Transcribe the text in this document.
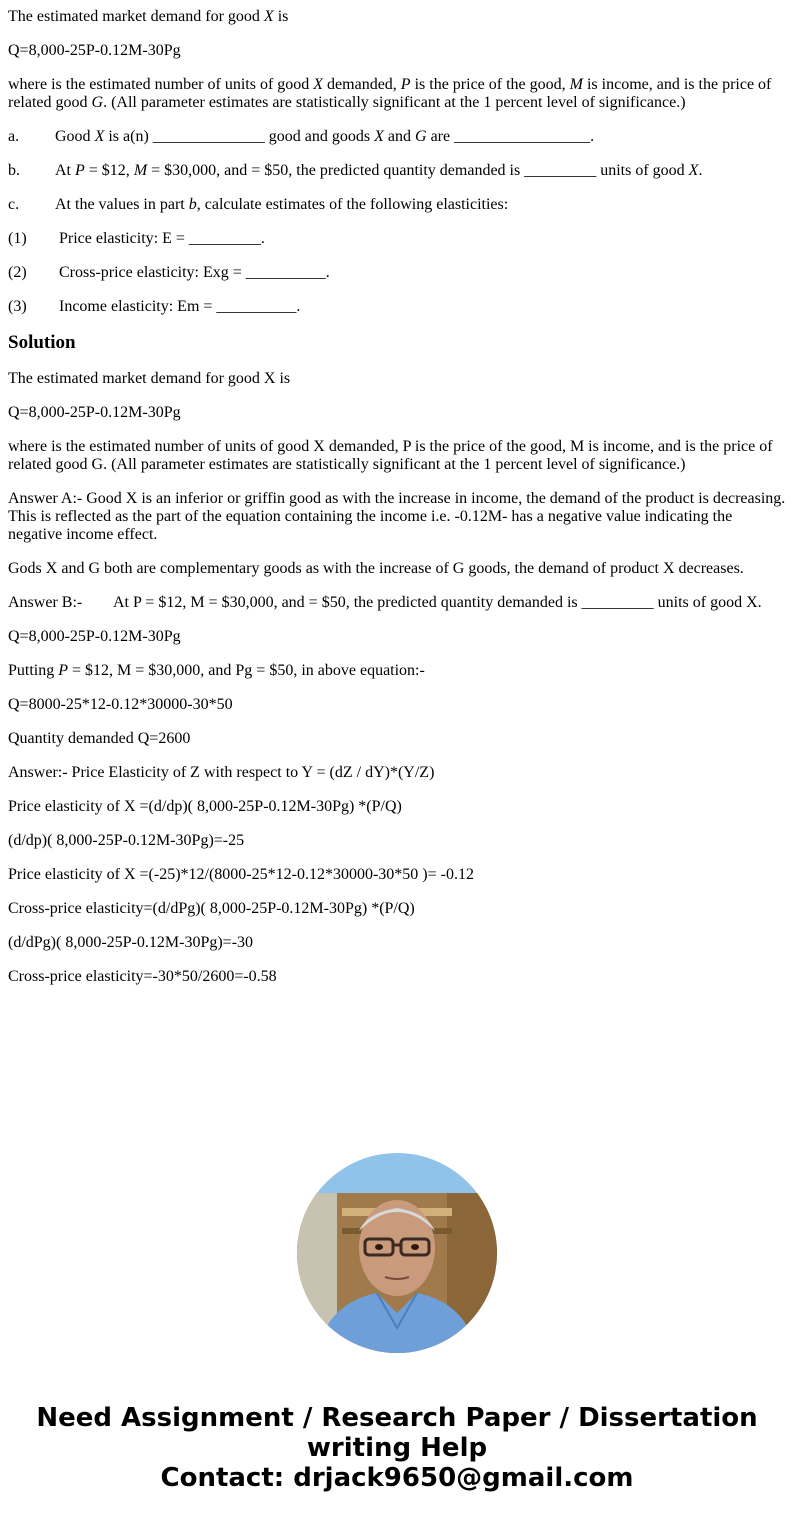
The estimated market demand for good X is

Q=8,000-25P-0.12M-30Pg

where is the estimated number of units of good X demanded, P is the price of the good, M is income, and is the price of related good G. (All parameter estimates are statistically significant at the 1 percent level of significance.)

a. Good X is a(n) ______________ good and goods X and G are _________________.

b. At P = $12, M = $30,000, and = $50, the predicted quantity demanded is _________ units of good X.

c. At the values in part b, calculate estimates of the following elasticities:

(1) Price elasticity: E = _________.

(2) Cross-price elasticity: Exg = __________.

(3) Income elasticity: Em = __________.

Solution

The estimated market demand for good X is

Q=8,000-25P-0.12M-30Pg

where is the estimated number of units of good X demanded, P is the price of the good, M is income, and is the price of related good G. (All parameter estimates are statistically significant at the 1 percent level of significance.)

Answer A:- Good X is an inferior or griffin good as with the increase in income, the demand of the product is decreasing. This is reflected as the part of the equation containing the income i.e. -0.12M- has a negative value indicating the negative income effect.

Gods X and G both are complementary goods as with the increase of G goods, the demand of product X decreases.

Answer B:- At P = $12, M = $30,000, and = $50, the predicted quantity demanded is _________ units of good X.

Q=8,000-25P-0.12M-30Pg

Putting P = $12, M = $30,000, and Pg = $50, in above equation:-

Q=8000-25*12-0.12*30000-30*50

Quantity demanded Q=2600

Answer:- Price Elasticity of Z with respect to Y = (dZ / dY)*(Y/Z)

Price elasticity of X =(d/dp)( 8,000-25P-0.12M-30Pg) *(P/Q)

(d/dp)( 8,000-25P-0.12M-30Pg)=-25

Price elasticity of X =(-25)*12/(8000-25*12-0.12*30000-30*50 )= -0.12

Cross-price elasticity=(d/dPg)( 8,000-25P-0.12M-30Pg) *(P/Q)

(d/dPg)( 8,000-25P-0.12M-30Pg)=-30

Cross-price elasticity=-30*50/2600=-0.58

Need Assignment / Research Paper / Dissertation
writing Help
Contact: drjack9650@gmail.com
